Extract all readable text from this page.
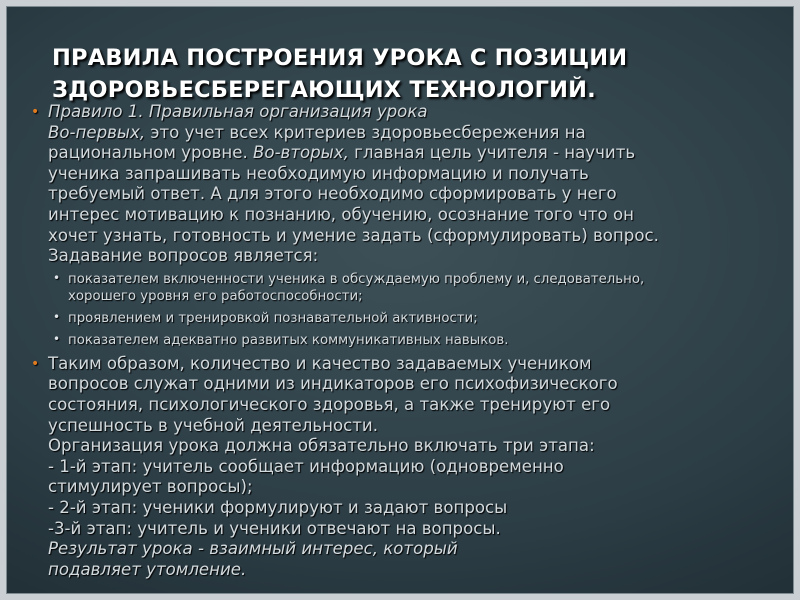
ПРАВИЛА ПОСТРОЕНИЯ УРОКА С ПОЗИЦИИ
ЗДОРОВЬЕСБЕРЕГАЮЩИХ ТЕХНОЛОГИЙ.
• Правило 1. Правильная организация урока
Во-первых, это учет всех критериев здоровьесбережения на
рациональном уровне. Во-вторых, главная цель учителя - научить
ученика запрашивать необходимую информацию и получать
требуемый ответ. А для этого необходимо сформировать у него
интерес мотивацию к познанию, обучению, осознание того что он
хочет узнать, готовность и умение задать (сформулировать) вопрос.
Задавание вопросов является:
• показателем включенности ученика в обсуждаемую проблему и, следовательно,
хорошего уровня его работоспособности;
• проявлением и тренировкой познавательной активности;
• показателем адекватно развитых коммуникативных навыков.
• Таким образом, количество и качество задаваемых учеником
вопросов служат одними из индикаторов его психофизического
состояния, психологического здоровья, а также тренируют его
успешность в учебной деятельности.
Организация урока должна обязательно включать три этапа:
- 1-й этап: учитель сообщает информацию (одновременно
стимулирует вопросы);
- 2-й этап: ученики формулируют и задают вопросы
-3-й этап: учитель и ученики отвечают на вопросы.
Результат урока - взаимный интерес, который
подавляет утомление.
